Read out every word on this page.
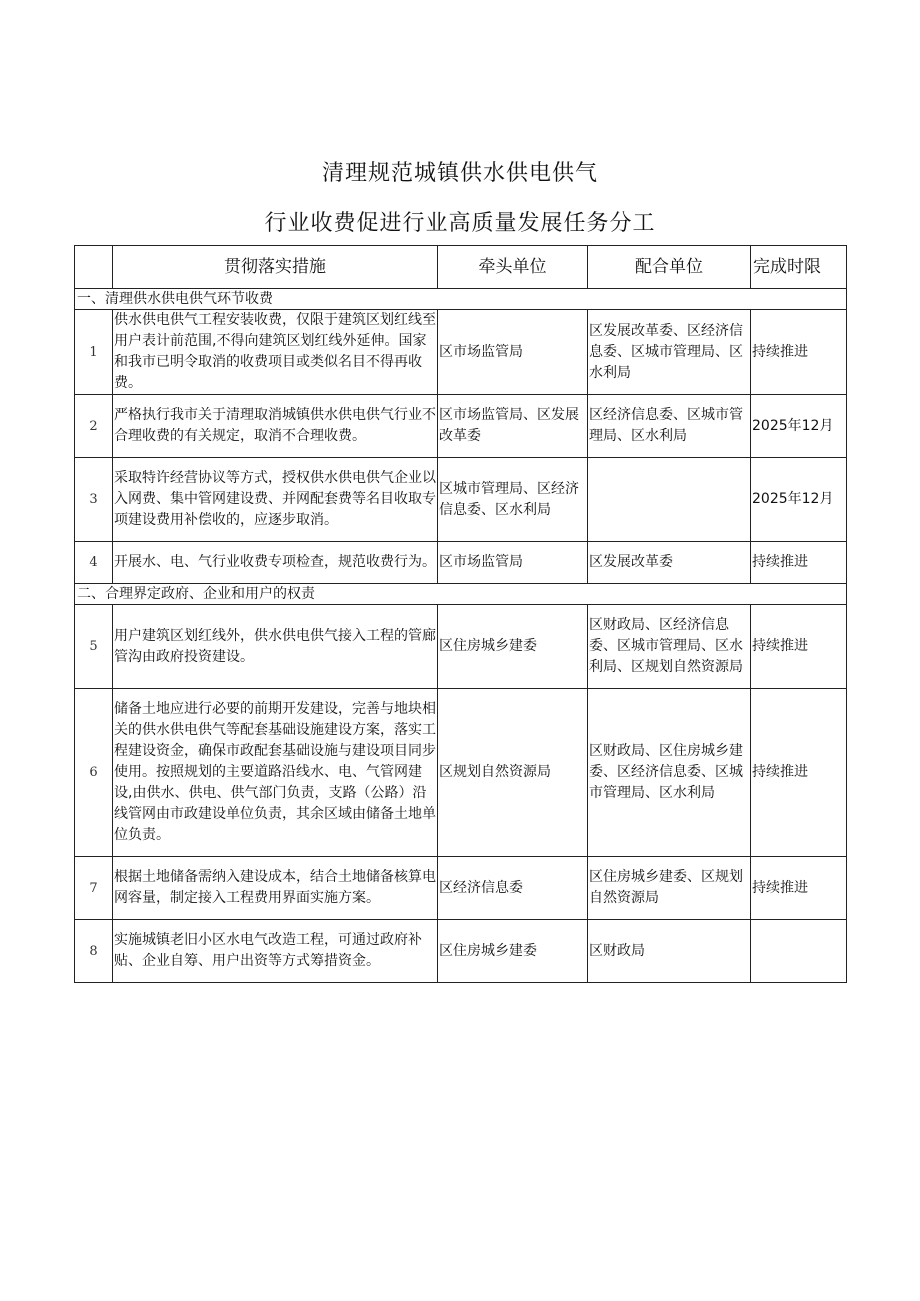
清理规范城镇供水供电供气
行业收费促进行业高质量发展任务分工
	贯彻落实措施	牵头单位	配合单位	完成时限
一、清理供水供电供气环节收费				
1	供水供电供气工程安装收费，仅限于建筑区划红线至用户表计前范围,不得向建筑区划红线外延伸。国家和我市已明令取消的收费项目或类似名目不得再收费。	区市场监管局	区发展改革委、区经济信息委、区城市管理局、区水利局	持续推进
2	严格执行我市关于清理取消城镇供水供电供气行业不合理收费的有关规定，取消不合理收费。	区市场监管局、区发展改革委	区经济信息委、区城市管理局、区水利局	2025年12月
3	采取特许经营协议等方式，授权供水供电供气企业以入网费、集中管网建设费、并网配套费等名目收取专项建设费用补偿收的，应逐步取消。	区城市管理局、区经济信息委、区水利局		2025年12月
4	开展水、电、气行业收费专项检查，规范收费行为。	区市场监管局	区发展改革委	持续推进
二、合理界定政府、企业和用户的权责				
5	用户建筑区划红线外，供水供电供气接入工程的管廊管沟由政府投资建设。	区住房城乡建委	区财政局、区经济信息委、区城市管理局、区水利局、区规划自然资源局	持续推进
6	储备土地应进行必要的前期开发建设，完善与地块相关的供水供电供气等配套基础设施建设方案，落实工程建设资金，确保市政配套基础设施与建设项目同步使用。按照规划的主要道路沿线水、电、气管网建设,由供水、供电、供气部门负责，支路（公路）沿线管网由市政建设单位负责，其余区域由储备土地单位负责。	区规划自然资源局	区财政局、区住房城乡建委、区经济信息委、区城市管理局、区水利局	持续推进
7	根据土地储备需纳入建设成本，结合土地储备核算电网容量，制定接入工程费用界面实施方案。	区经济信息委	区住房城乡建委、区规划自然资源局	持续推进
8	实施城镇老旧小区水电气改造工程，可通过政府补贴、企业自筹、用户出资等方式筹措资金。	区住房城乡建委	区财政局	
